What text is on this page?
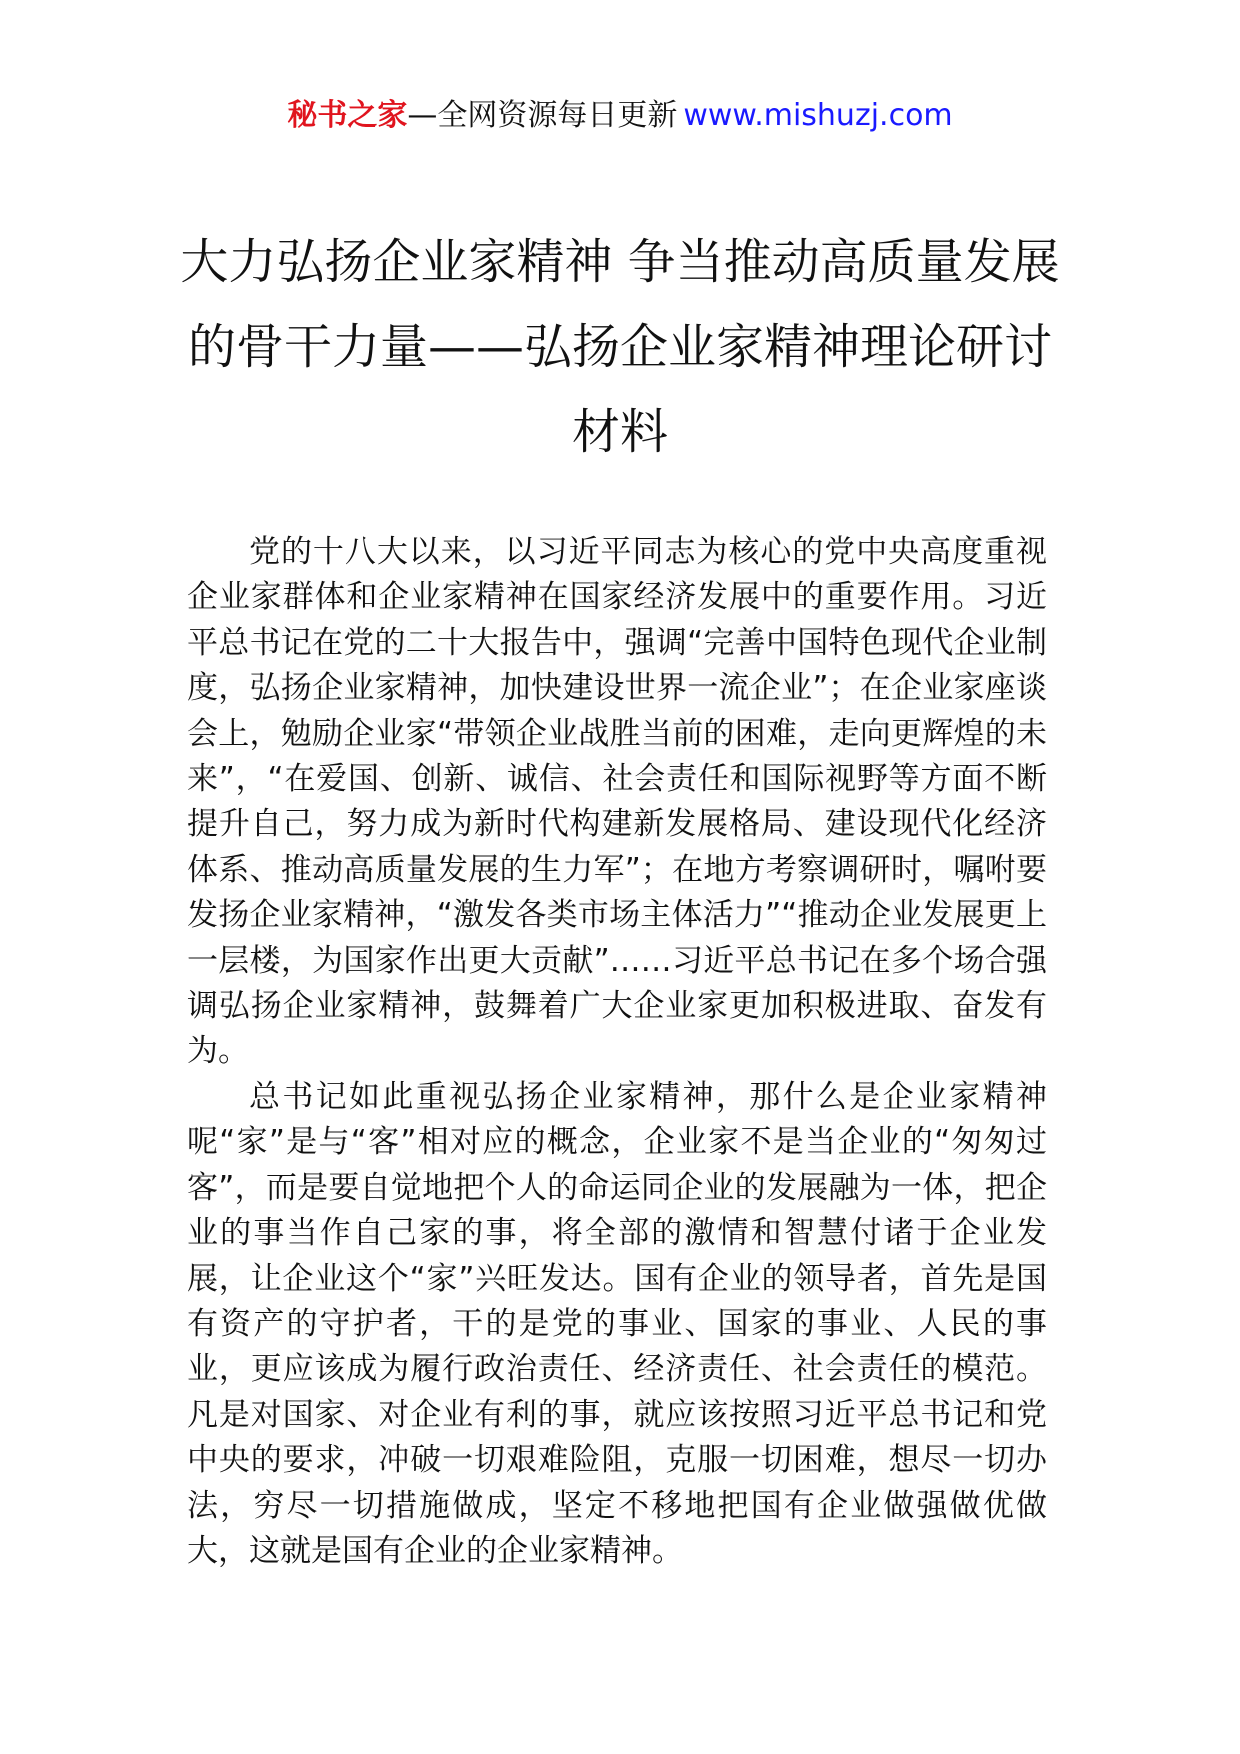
秘书之家—全网资源每日更新 www.mishuzj.com
大力弘扬企业家精神 争当推动高质量发展
的骨干力量——弘扬企业家精神理论研讨
材料

党的十八大以来，以习近平同志为核心的党中央高度重视企业家群体和企业家精神在国家经济发展中的重要作用。习近平总书记在党的二十大报告中，强调“完善中国特色现代企业制度，弘扬企业家精神，加快建设世界一流企业”；在企业家座谈会上，勉励企业家“带领企业战胜当前的困难，走向更辉煌的未来”，“在爱国、创新、诚信、社会责任和国际视野等方面不断提升自己，努力成为新时代构建新发展格局、建设现代化经济体系、推动高质量发展的生力军”；在地方考察调研时，嘱咐要发扬企业家精神，“激发各类市场主体活力”“推动企业发展更上一层楼，为国家作出更大贡献”……习近平总书记在多个场合强调弘扬企业家精神，鼓舞着广大企业家更加积极进取、奋发有为。

总书记如此重视弘扬企业家精神，那什么是企业家精神呢“家”是与“客”相对应的概念，企业家不是当企业的“匆匆过客”，而是要自觉地把个人的命运同企业的发展融为一体，把企业的事当作自己家的事，将全部的激情和智慧付诸于企业发展，让企业这个“家”兴旺发达。国有企业的领导者，首先是国有资产的守护者，干的是党的事业、国家的事业、人民的事业，更应该成为履行政治责任、经济责任、社会责任的模范。凡是对国家、对企业有利的事，就应该按照习近平总书记和党中央的要求，冲破一切艰难险阻，克服一切困难，想尽一切办法，穷尽一切措施做成，坚定不移地把国有企业做强做优做大，这就是国有企业的企业家精神。
